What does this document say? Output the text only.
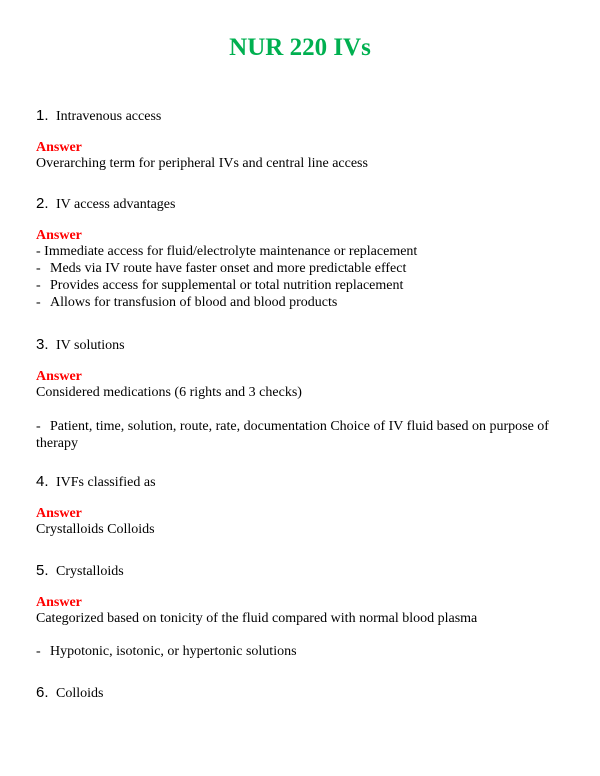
NUR 220 IVs
1. Intravenous access
Answer
Overarching term for peripheral IVs and central line access
2. IV access advantages
Answer
- Immediate access for fluid/electrolyte maintenance or replacement
- Meds via IV route have faster onset and more predictable effect
- Provides access for supplemental or total nutrition replacement
- Allows for transfusion of blood and blood products
3. IV solutions
Answer
Considered medications (6 rights and 3 checks)
- Patient, time, solution, route, rate, documentation Choice of IV fluid based on purpose of therapy
4. IVFs classified as
Answer
Crystalloids Colloids
5. Crystalloids
Answer
Categorized based on tonicity of the fluid compared with normal blood plasma
- Hypotonic, isotonic, or hypertonic solutions
6. Colloids
